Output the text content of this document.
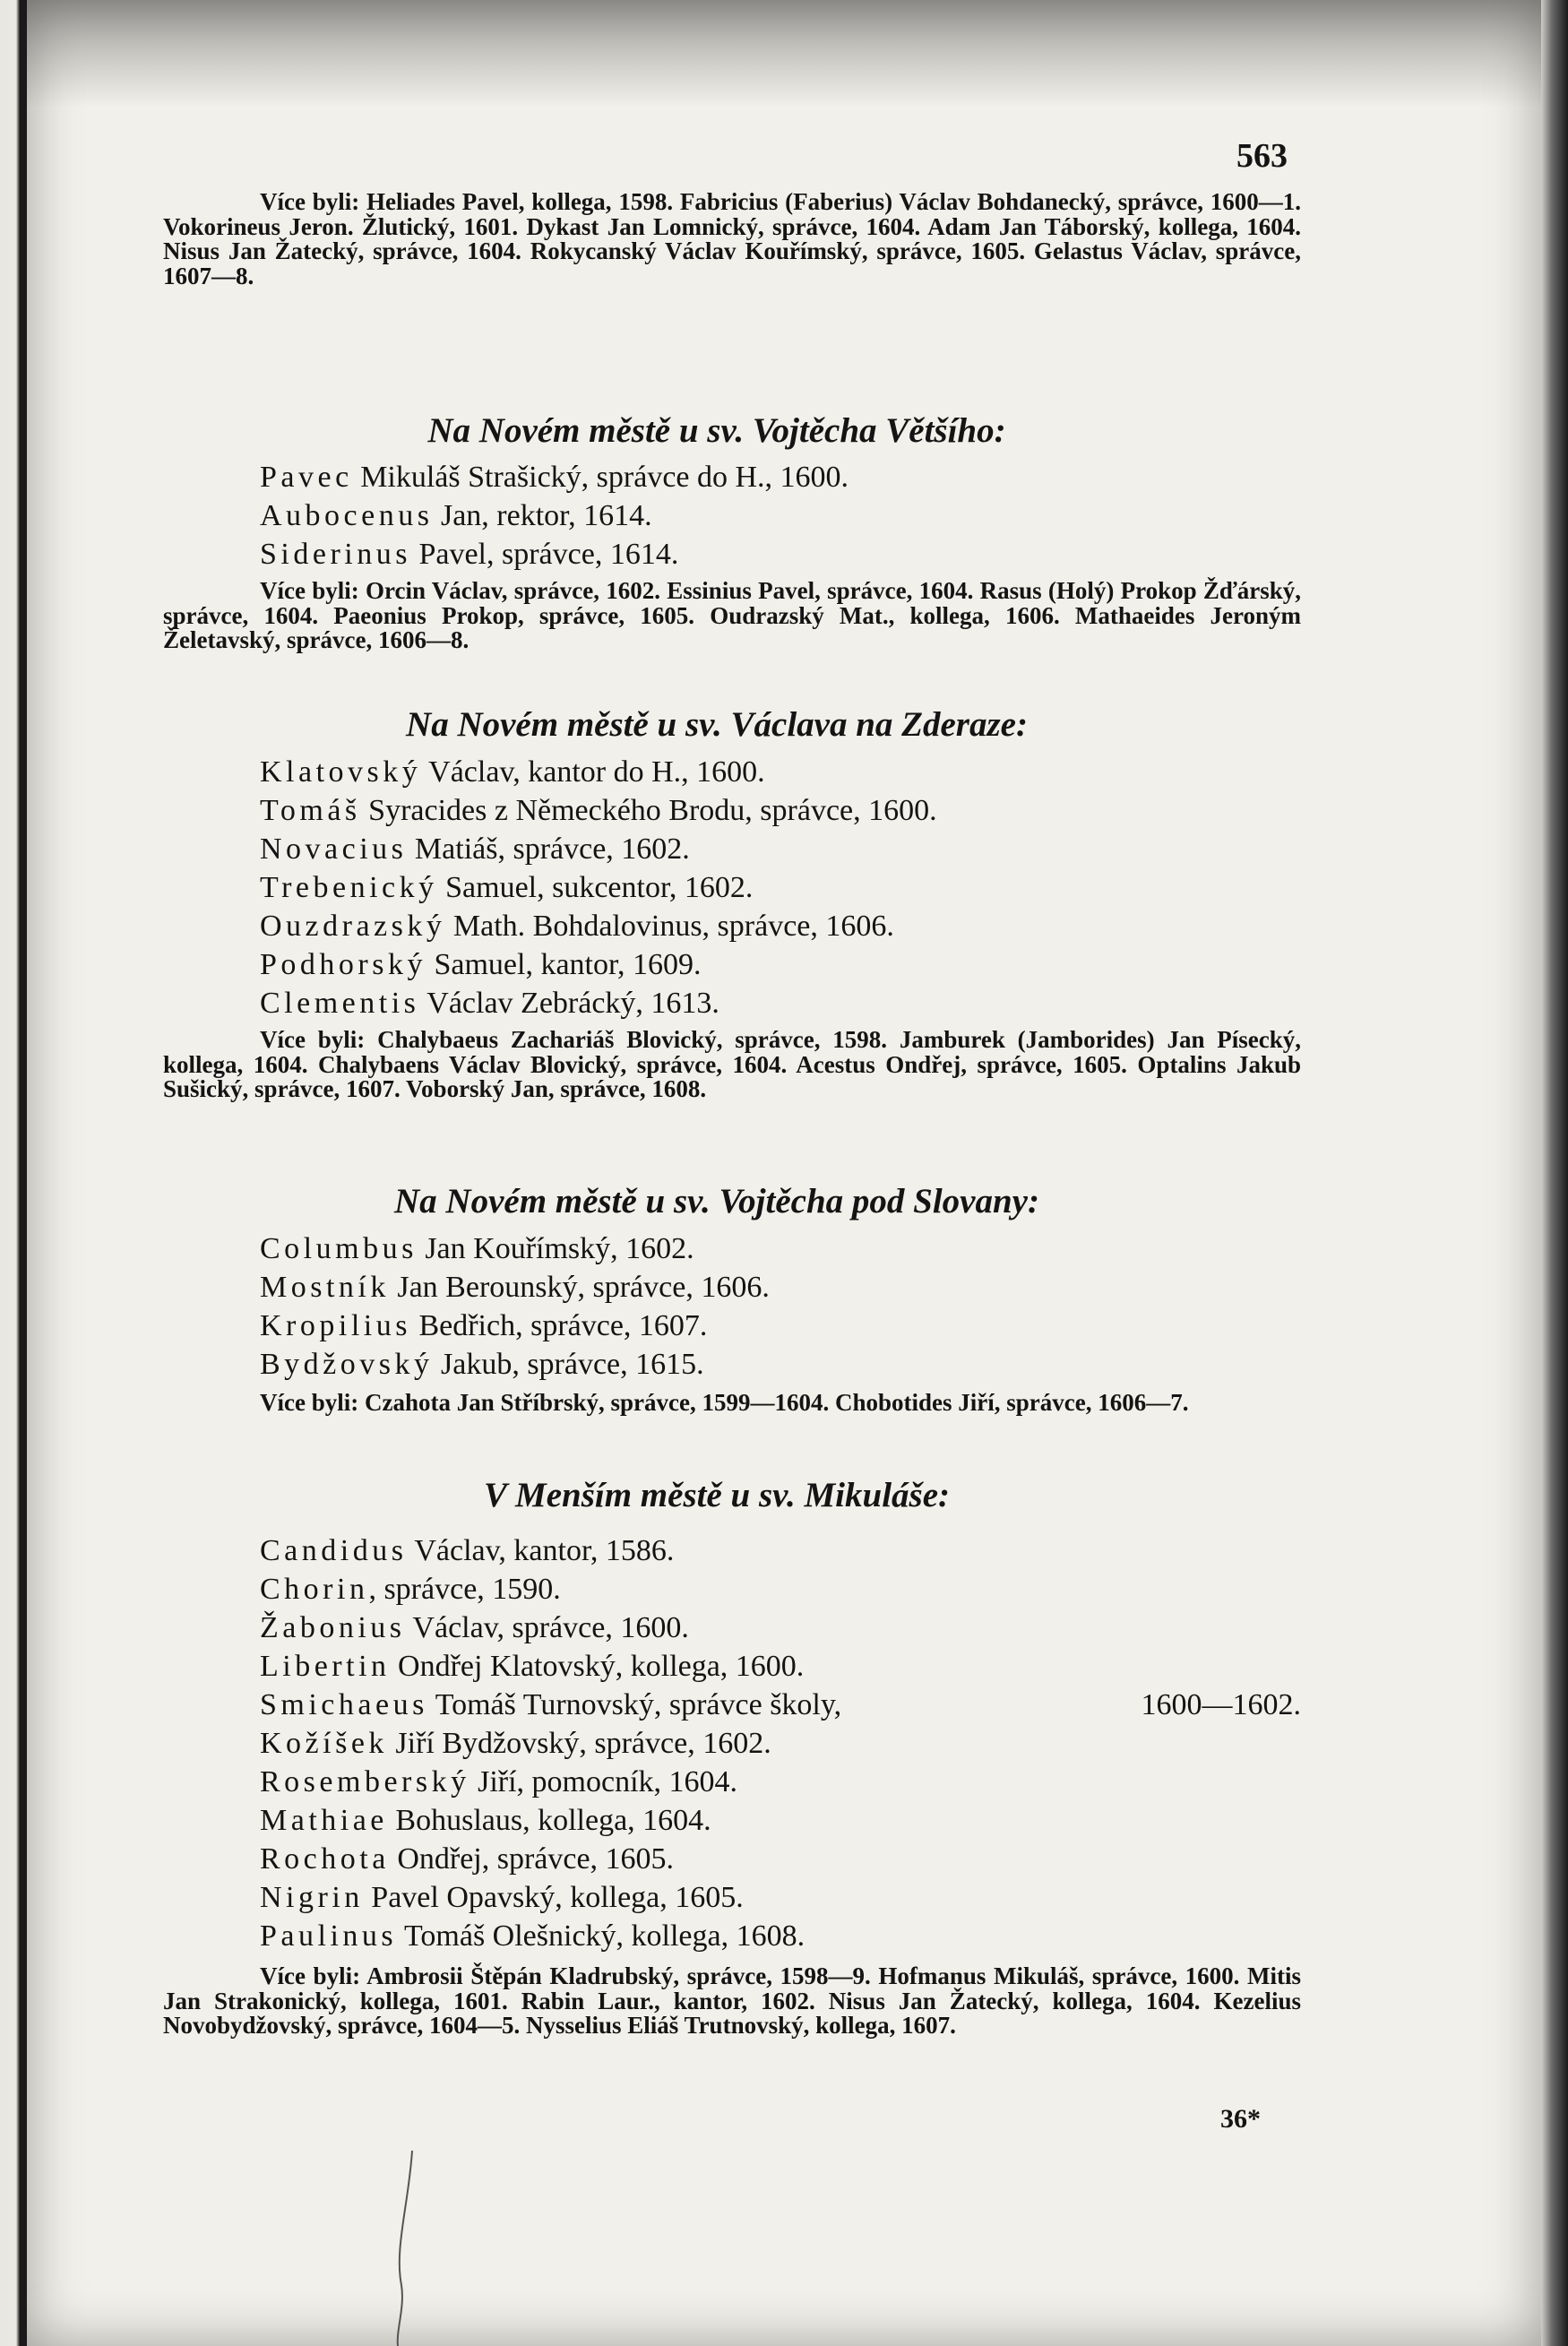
563

Více byli: Heliades Pavel, kollega, 1598. Fabricius (Faberius) Václav Bohdanecký, správce, 1600—1. Vokorineus Jeron. Žlutický, 1601. Dykast Jan Lomnický, správce, 1604. Adam Jan Táborský, kollega, 1604. Nisus Jan Žatecký, správce, 1604. Rokycanský Václav Kouřímský, správce, 1605. Gelastus Václav, správce, 1607—8.

Na Novém městě u sv. Vojtěcha Většího:
Pavec Mikuláš Strašický, správce do H., 1600.
Aubocenus Jan, rektor, 1614.
Siderinus Pavel, správce, 1614.

Více byli: Orcin Václav, správce, 1602. Essinius Pavel, správce, 1604. Rasus (Holý) Prokop Žďárský, správce, 1604. Paeonius Prokop, správce, 1605. Oudrazský Mat., kollega, 1606. Mathaeides Jeroným Želetavský, správce, 1606—8.

Na Novém městě u sv. Václava na Zderaze:
Klatovský Václav, kantor do H., 1600.
Tomáš Syracides z Německého Brodu, správce, 1600.
Novacius Matiáš, správce, 1602.
Trebenický Samuel, sukcentor, 1602.
Ouzdrazský Math. Bohdalovinus, správce, 1606.
Podhorský Samuel, kantor, 1609.
Clementis Václav Zebrácký, 1613.

Více byli: Chalybaeus Zachariáš Blovický, správce, 1598. Jamburek (Jamborides) Jan Písecký, kollega, 1604. Chalybaens Václav Blovický, správce, 1604. Acestus Ondřej, správce, 1605. Optalins Jakub Sušický, správce, 1607. Voborský Jan, správce, 1608.

Na Novém městě u sv. Vojtěcha pod Slovany:
Columbus Jan Kouřímský, 1602.
Mostník Jan Berounský, správce, 1606.
Kropilius Bedřich, správce, 1607.
Bydžovský Jakub, správce, 1615.

Více byli: Czahota Jan Stříbrský, správce, 1599—1604. Chobotides Jiří, správce, 1606—7.

V Menším městě u sv. Mikuláše:
Candidus Václav, kantor, 1586.
Chorin, správce, 1590.
Žabonius Václav, správce, 1600.
Libertin Ondřej Klatovský, kollega, 1600.
Smichaeus Tomáš Turnovský, správce školy,	1600—1602.
Kožíšek Jiří Bydžovský, správce, 1602.
Rosemberský Jiří, pomocník, 1604.
Mathiae Bohuslaus, kollega, 1604.
Rochota Ondřej, správce, 1605.
Nigrin Pavel Opavský, kollega, 1605.
Paulinus Tomáš Olešnický, kollega, 1608.

Více byli: Ambrosii Štěpán Kladrubský, správce, 1598—9. Hofmanus Mikuláš, správce, 1600. Mitis Jan Strakonický, kollega, 1601. Rabin Laur., kantor, 1602. Nisus Jan Žatecký, kollega, 1604. Kezelius Novobydžovský, správce, 1604—5. Nysselius Eliáš Trutnovský, kollega, 1607.

36*
